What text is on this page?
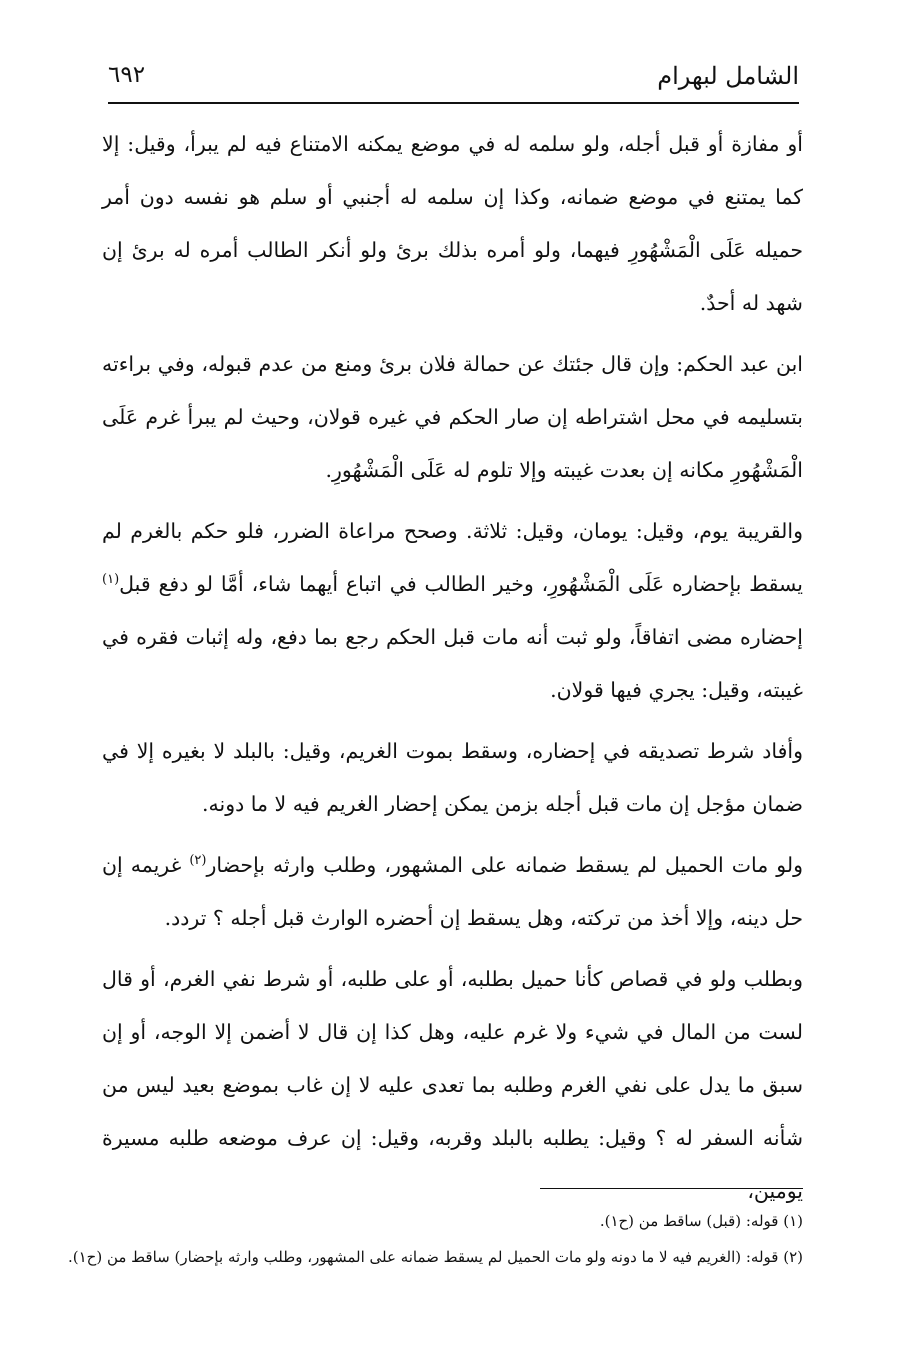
الشامل لبهرام
٦٩٢

أو مفازة أو قبل أجله، ولو سلمه له في موضع يمكنه الامتناع فيه لم يبرأ، وقيل: إلا كما يمتنع في موضع ضمانه، وكذا إن سلمه له أجنبي أو سلم هو نفسه دون أمر حميله عَلَى الْمَشْهُورِ فيهما، ولو أمره بذلك برئ ولو أنكر الطالب أمره له برئ إن شهد له أحدٌ.

ابن عبد الحكم: وإن قال جئتك عن حمالة فلان برئ ومنع من عدم قبوله، وفي براءته بتسليمه في محل اشتراطه إن صار الحكم في غيره قولان، وحيث لم يبرأ غرم عَلَى الْمَشْهُورِ مكانه إن بعدت غيبته وإلا تلوم له عَلَى الْمَشْهُورِ.

والقريبة يوم، وقيل: يومان، وقيل: ثلاثة. وصحح مراعاة الضرر، فلو حكم بالغرم لم يسقط بإحضاره عَلَى الْمَشْهُورِ، وخير الطالب في اتباع أيهما شاء، أمَّا لو دفع قبل$^{(١)}$ إحضاره مضى اتفاقاً، ولو ثبت أنه مات قبل الحكم رجع بما دفع، وله إثبات فقره في غيبته، وقيل: يجري فيها قولان.

وأفاد شرط تصديقه في إحضاره، وسقط بموت الغريم، وقيل: بالبلد لا بغيره إلا في ضمان مؤجل إن مات قبل أجله بزمن يمكن إحضار الغريم فيه لا ما دونه.

ولو مات الحميل لم يسقط ضمانه على المشهور، وطلب وارثه بإحضار$^{(٢)}$ غريمه إن حل دينه، وإلا أخذ من تركته، وهل يسقط إن أحضره الوارث قبل أجله ؟ تردد.

وبطلب ولو في قصاص كأنا حميل بطلبه، أو على طلبه، أو شرط نفي الغرم، أو قال لست من المال في شيء ولا غرم عليه، وهل كذا إن قال لا أضمن إلا الوجه، أو إن سبق ما يدل على نفي الغرم وطلبه بما تعدى عليه لا إن غاب بموضع بعيد ليس من شأنه السفر له ؟ وقيل: يطلبه بالبلد وقربه، وقيل: إن عرف موضعه طلبه مسيرة يومين،

(١) قوله: (قبل) ساقط من (ح١).

(٢) قوله: (الغريم فيه لا ما دونه ولو مات الحميل لم يسقط ضمانه على المشهور، وطلب وارثه بإحضار) ساقط من (ح١).
